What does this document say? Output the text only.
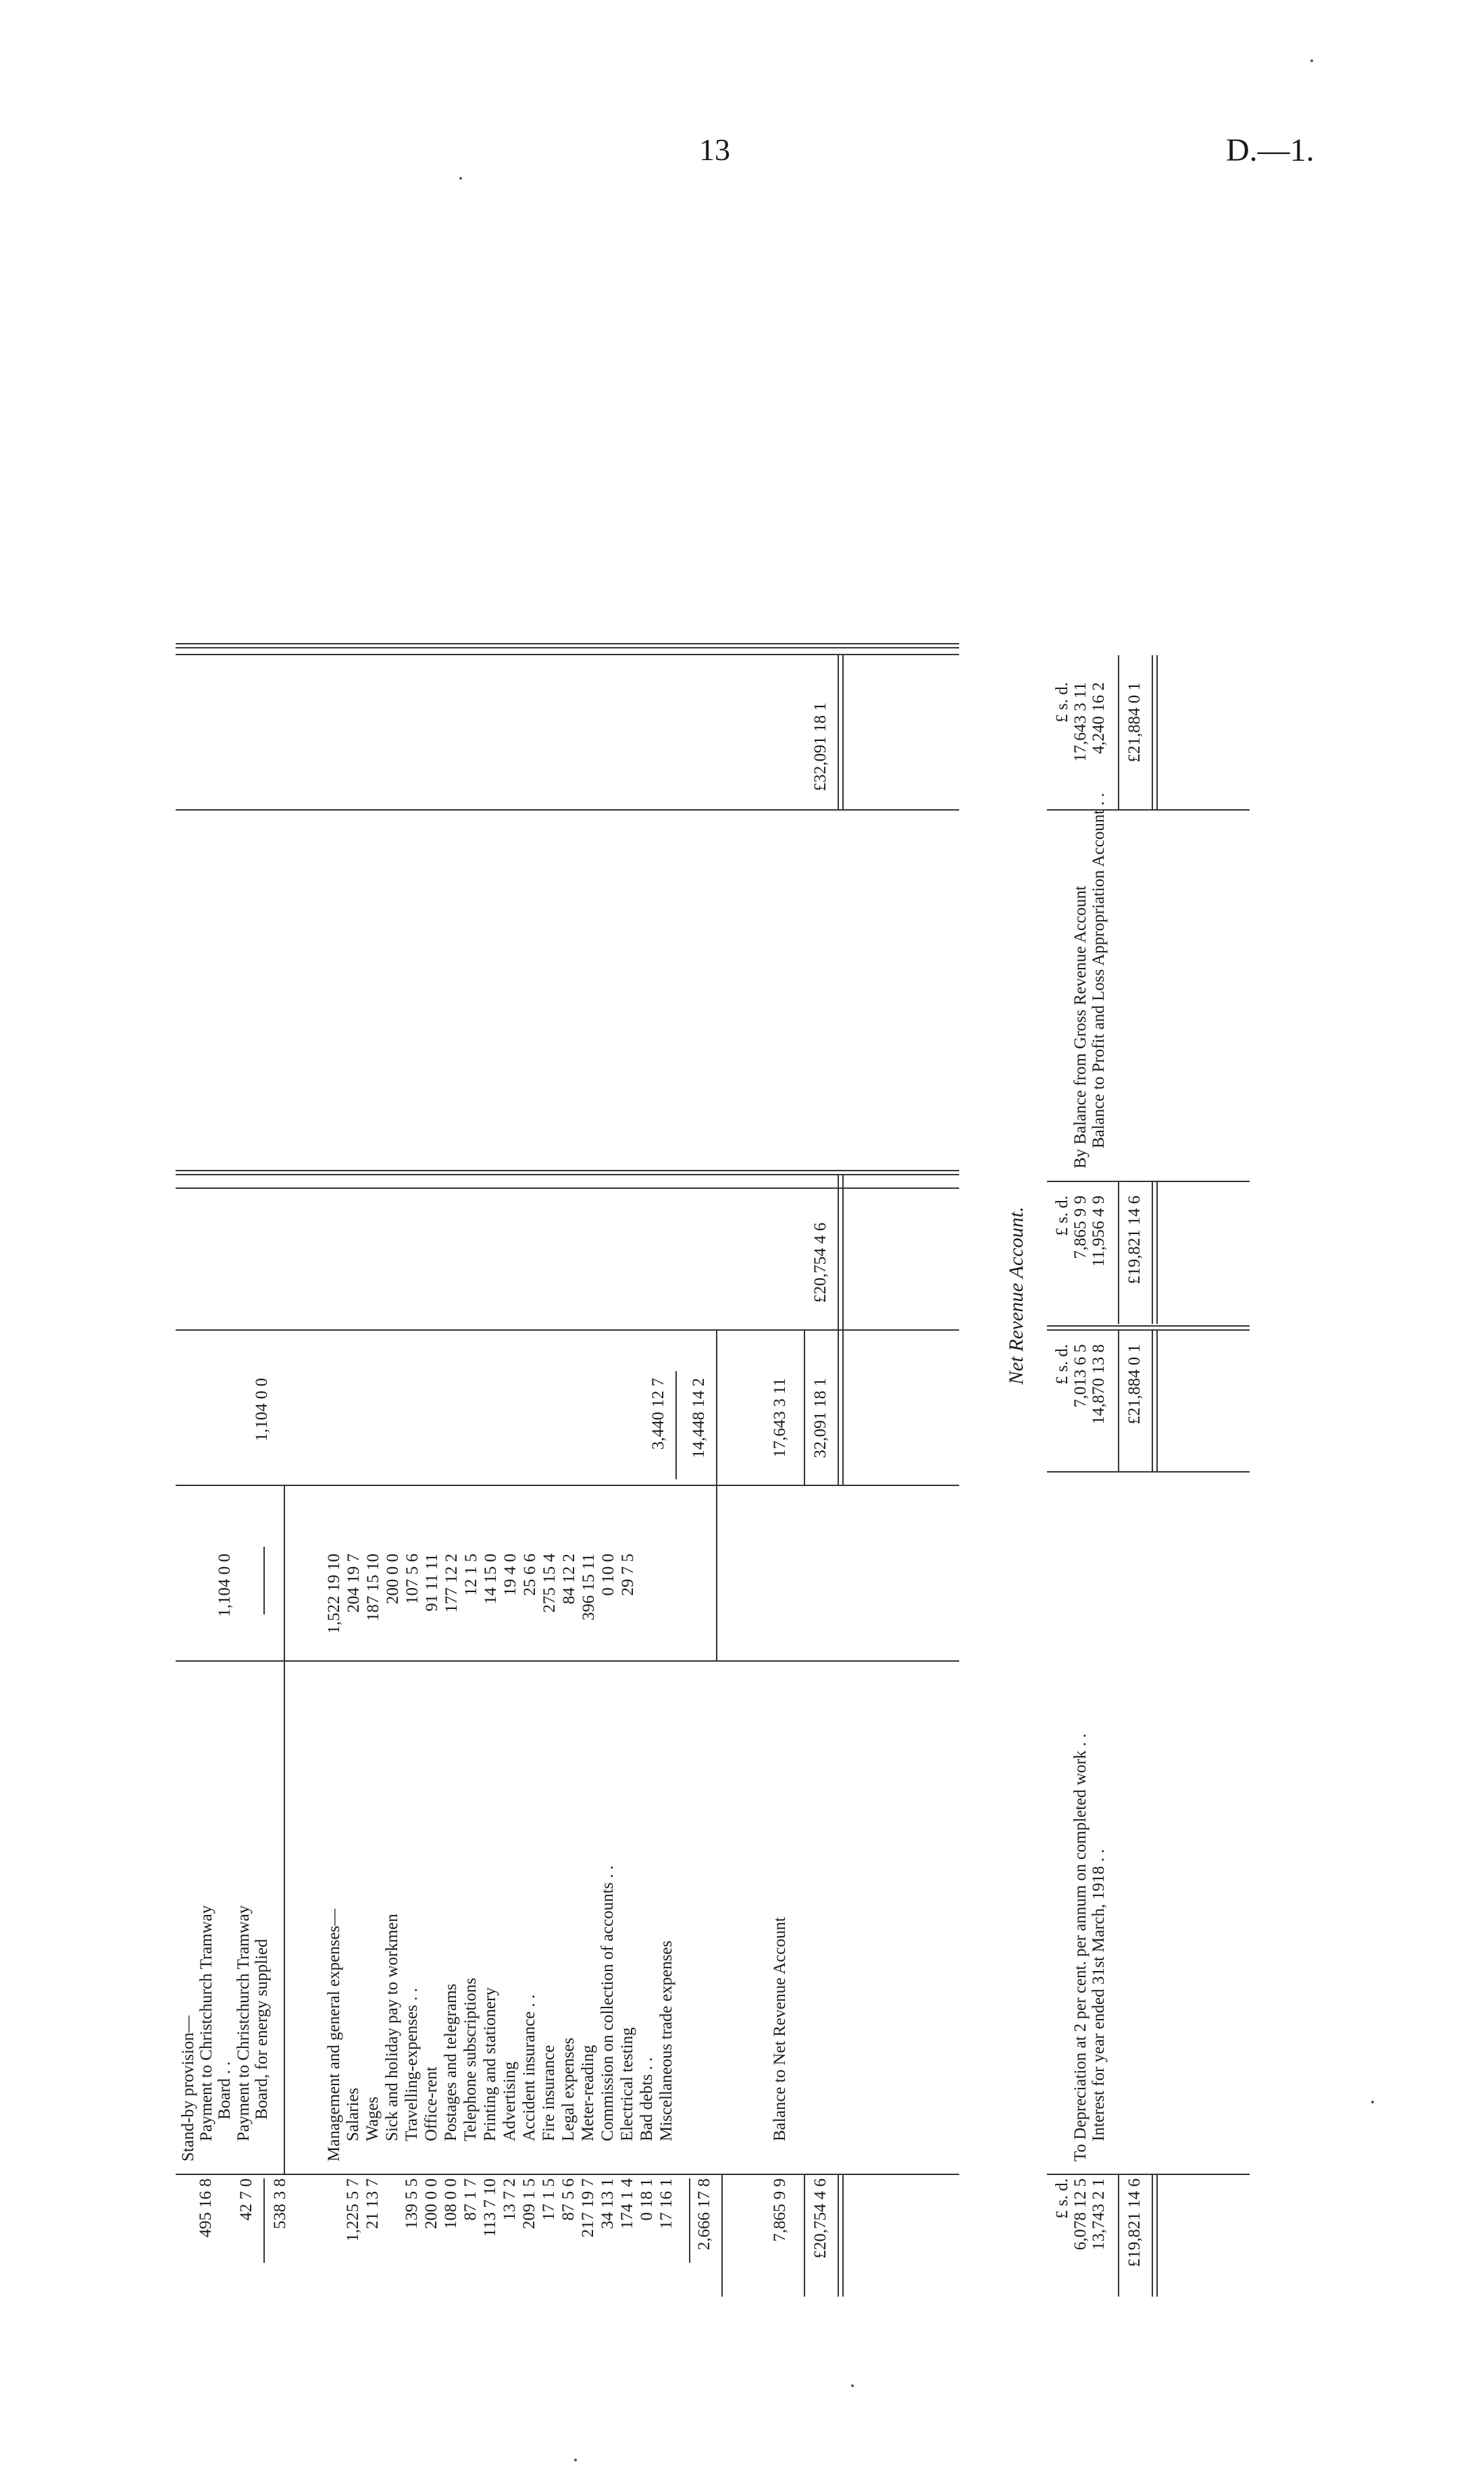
13	D.—1.
495 16 8 42 7 0 538 3 8
Stand-by provision— Payment to Christchurch Tramway Board . . Payment to Christchurch Tramway Board, for energy supplied
1,104 0 0
1,104 0 0
Management and general expenses— Salaries Wages Sick and holiday pay to workmen Travelling-expenses . . Office-rent Postages and telegrams Telephone subscriptions Printing and stationery Advertising Accident insurance . . Fire insurance Legal expenses Meter-reading Commission on collection of accounts . . Electrical testing Bad debts . . Miscellaneous trade expenses
1,225 5 7 21 13 7 139 5 5 200 0 0 108 0 0 87 1 7 113 7 10 13 7 2 209 1 5 17 1 5 87 5 6 217 19 7 34 13 1 174 1 4 0 18 1 17 16 1
1,522 19 10 204 19 7 187 15 10 200 0 0 107 5 6 91 11 11 177 12 2 12 1 5 14 15 0 19 4 0 25 6 6 275 15 4 84 12 2 396 15 11 0 10 0 29 7 5
2,666 17 8
3,440 12 7 14,448 14 2
7,865 9 9
Balance to Net Revenue Account
17,643 3 11
£20,754 4 6
32,091 18 1
£20,754 4 6
£32,091 18 1
Net Revenue Account.
£ s. d. 6,078 12 5 13,743 2 1
To Depreciation at 2 per cent. per annum on completed work . . Interest for year ended 31st March, 1918 . .
£ s. d. 7,013 6 5 14,870 13 8
£ s. d. 7,865 9 9 11,956 4 9
By Balance from Gross Revenue Account Balance to Profit and Loss Appropriation Account . .
£ s. d. 17,643 3 11 4,240 16 2
£19,821 14 6
£21,884 0 1
£19,821 14 6
£21,884 0 1
